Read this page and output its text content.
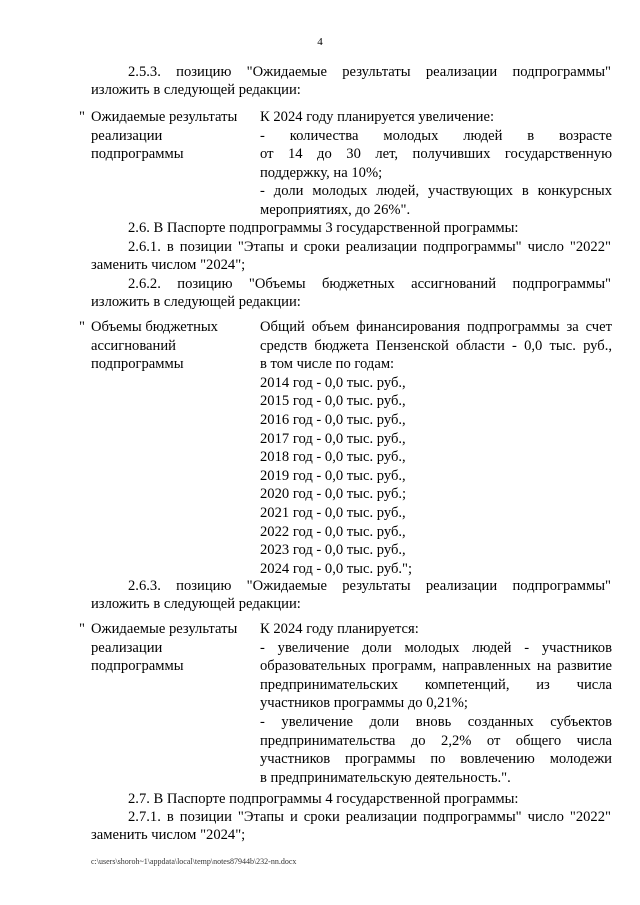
4
2.5.3. позицию "Ожидаемые результаты реализации подпрограммы"
изложить в следующей редакции:
" Ожидаемые результаты
реализации
подпрограммы
К 2024 году планируется увеличение:
- количества молодых людей в возрасте
от 14 до 30 лет, получивших государственную
поддержку, на 10%;
- доли молодых людей, участвующих в конкурсных
мероприятиях, до 26%".
2.6. В Паспорте подпрограммы 3 государственной программы:
2.6.1. в позиции "Этапы и сроки реализации подпрограммы" число "2022"
заменить числом "2024";
2.6.2. позицию "Объемы бюджетных ассигнований подпрограммы"
изложить в следующей редакции:
" Объемы бюджетных
ассигнований
подпрограммы
Общий объем финансирования подпрограммы за счет
средств бюджета Пензенской области - 0,0 тыс. руб.,
в том числе по годам:
2014 год - 0,0 тыс. руб.,
2015 год - 0,0 тыс. руб.,
2016 год - 0,0 тыс. руб.,
2017 год - 0,0 тыс. руб.,
2018 год - 0,0 тыс. руб.,
2019 год - 0,0 тыс. руб.,
2020 год - 0,0 тыс. руб.;
2021 год - 0,0 тыс. руб.,
2022 год - 0,0 тыс. руб.,
2023 год - 0,0 тыс. руб.,
2024 год - 0,0 тыс. руб.";
2.6.3. позицию "Ожидаемые результаты реализации подпрограммы"
изложить в следующей редакции:
" Ожидаемые результаты
реализации
подпрограммы
К 2024 году планируется:
- увеличение доли молодых людей - участников
образовательных программ, направленных на развитие
предпринимательских компетенций, из числа
участников программы до 0,21%;
- увеличение доли вновь созданных субъектов
предпринимательства до 2,2% от общего числа
участников программы по вовлечению молодежи
в предпринимательскую деятельность.".
2.7. В Паспорте подпрограммы 4 государственной программы:
2.7.1. в позиции "Этапы и сроки реализации подпрограммы" число "2022"
заменить числом "2024";
c:\users\shoroh~1\appdata\local\temp\notes87944b\232-nn.docx
